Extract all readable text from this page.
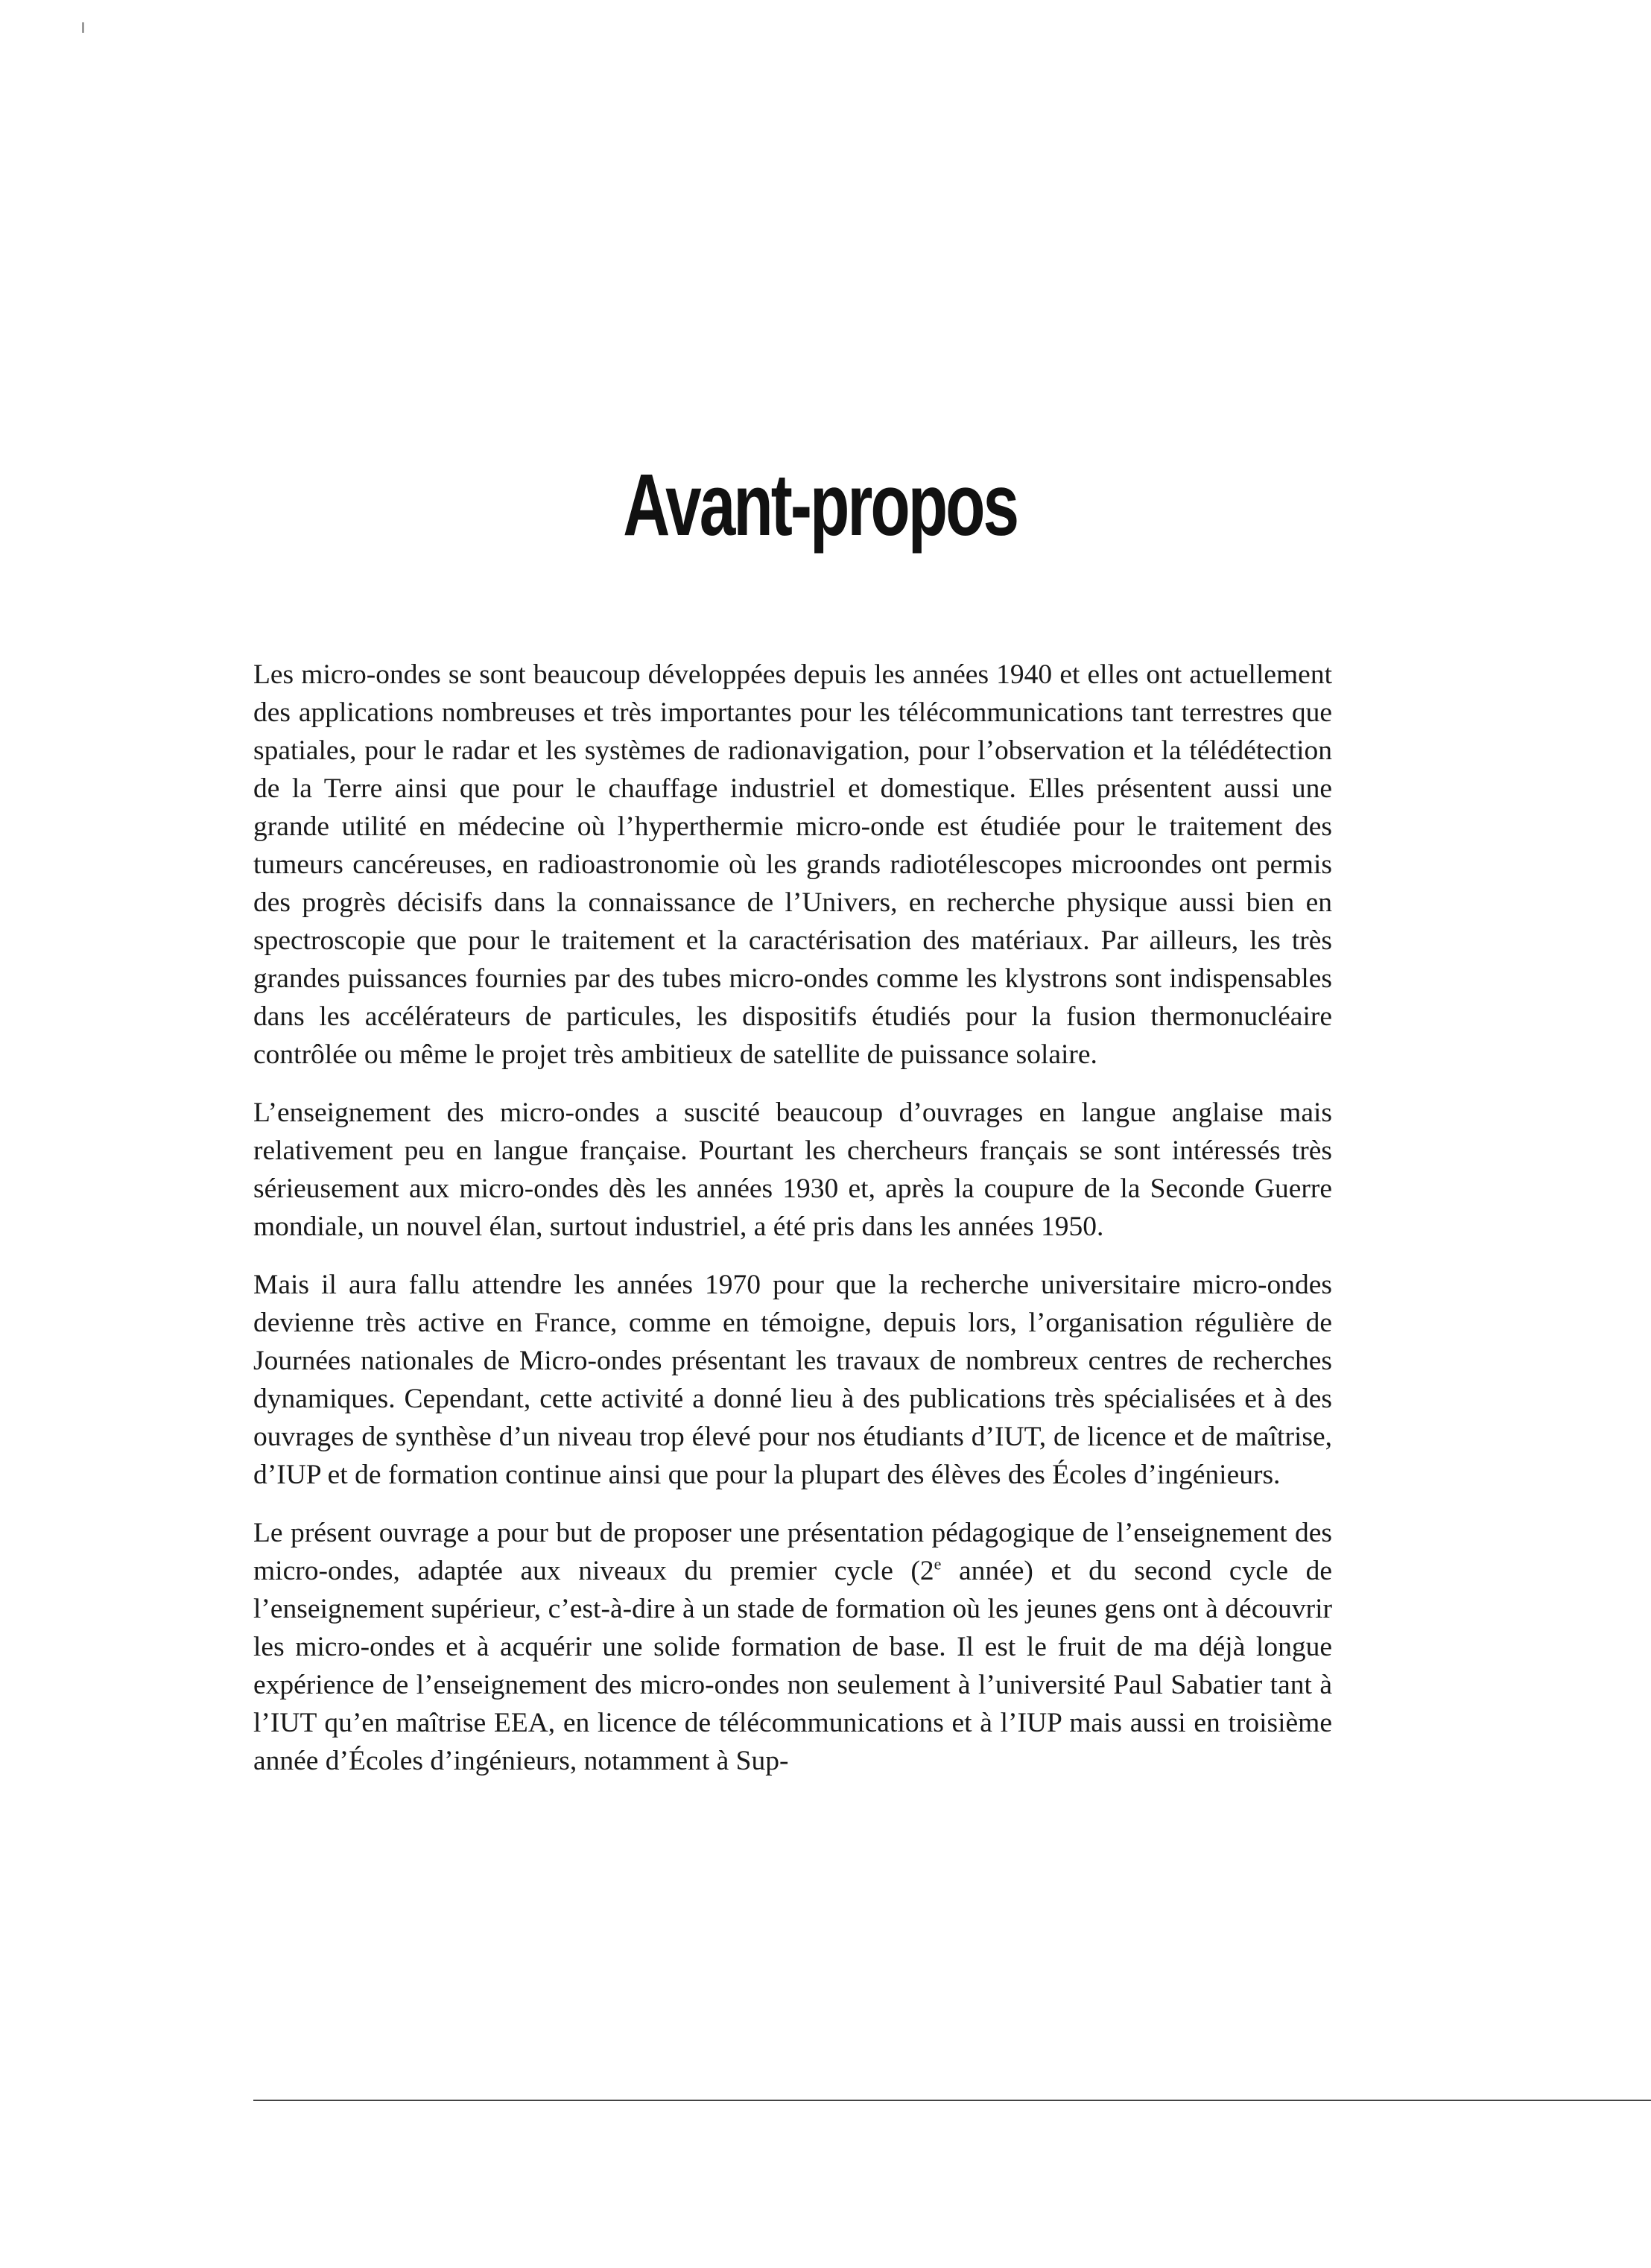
Avant-propos

Les micro-ondes se sont beaucoup développées depuis les années 1940 et elles ont actuellement des applications nombreuses et très importantes pour les télécommunications tant terrestres que spatiales, pour le radar et les systèmes de radionavigation, pour l’observation et la télédétection de la Terre ainsi que pour le chauffage industriel et domestique. Elles présentent aussi une grande utilité en médecine où l’hyperthermie micro-onde est étudiée pour le traitement des tumeurs cancéreuses, en radioastronomie où les grands radiotélescopes microondes ont permis des progrès décisifs dans la connaissance de l’Univers, en recherche physique aussi bien en spectroscopie que pour le traitement et la caractérisation des matériaux. Par ailleurs, les très grandes puissances fournies par des tubes micro-ondes comme les klystrons sont indispensables dans les accélérateurs de particules, les dispositifs étudiés pour la fusion thermonucléaire contrôlée ou même le projet très ambitieux de satellite de puissance solaire.

L’enseignement des micro-ondes a suscité beaucoup d’ouvrages en langue anglaise mais relativement peu en langue française. Pourtant les chercheurs français se sont intéressés très sérieusement aux micro-ondes dès les années 1930 et, après la coupure de la Seconde Guerre mondiale, un nouvel élan, surtout industriel, a été pris dans les années 1950.

Mais il aura fallu attendre les années 1970 pour que la recherche universitaire micro-ondes devienne très active en France, comme en témoigne, depuis lors, l’organisation régulière de Journées nationales de Micro-ondes présentant les travaux de nombreux centres de recherches dynamiques. Cependant, cette activité a donné lieu à des publications très spécialisées et à des ouvrages de synthèse d’un niveau trop élevé pour nos étudiants d’IUT, de licence et de maîtrise, d’IUP et de formation continue ainsi que pour la plupart des élèves des Écoles d’ingénieurs.

Le présent ouvrage a pour but de proposer une présentation pédagogique de l’enseignement des micro-ondes, adaptée aux niveaux du premier cycle (2e année) et du second cycle de l’enseignement supérieur, c’est-à-dire à un stade de formation où les jeunes gens ont à découvrir les micro-ondes et à acquérir une solide formation de base. Il est le fruit de ma déjà longue expérience de l’enseignement des micro-ondes non seulement à l’université Paul Sabatier tant à l’IUT qu’en maîtrise EEA, en licence de télécommunications et à l’IUP mais aussi en troisième année d’Écoles d’ingénieurs, notamment à Sup-
